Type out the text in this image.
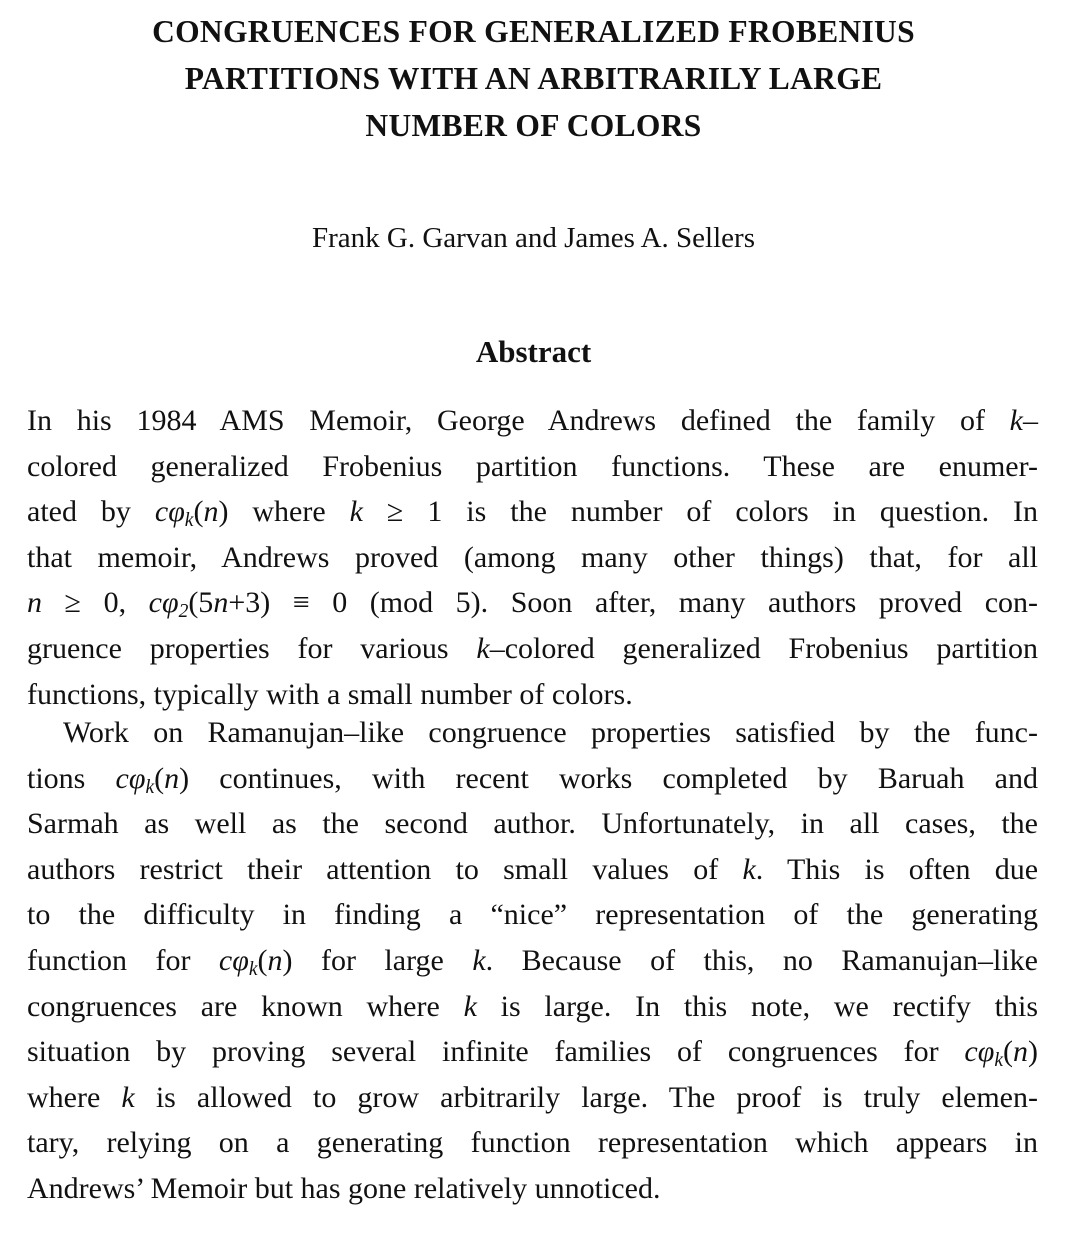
CONGRUENCES FOR GENERALIZED FROBENIUS
PARTITIONS WITH AN ARBITRARILY LARGE
NUMBER OF COLORS
Frank G. Garvan and James A. Sellers
Abstract
In his 1984 AMS Memoir, George Andrews defined the family of k–
colored generalized Frobenius partition functions. These are enumer-
ated by $c\varphi_k(n)$ where k ≥ 1 is the number of colors in question. In
that memoir, Andrews proved (among many other things) that, for all
n ≥ 0, $c\varphi_2(5n+3) \equiv 0$ (mod 5). Soon after, many authors proved con-
gruence properties for various k–colored generalized Frobenius partition
functions, typically with a small number of colors.
Work on Ramanujan–like congruence properties satisfied by the func-
tions $c\varphi_k(n)$ continues, with recent works completed by Baruah and
Sarmah as well as the second author. Unfortunately, in all cases, the
authors restrict their attention to small values of k. This is often due
to the difficulty in finding a “nice” representation of the generating
function for $c\varphi_k(n)$ for large k. Because of this, no Ramanujan–like
congruences are known where k is large. In this note, we rectify this
situation by proving several infinite families of congruences for $c\varphi_k(n)$
where k is allowed to grow arbitrarily large. The proof is truly elemen-
tary, relying on a generating function representation which appears in
Andrews’ Memoir but has gone relatively unnoticed.
